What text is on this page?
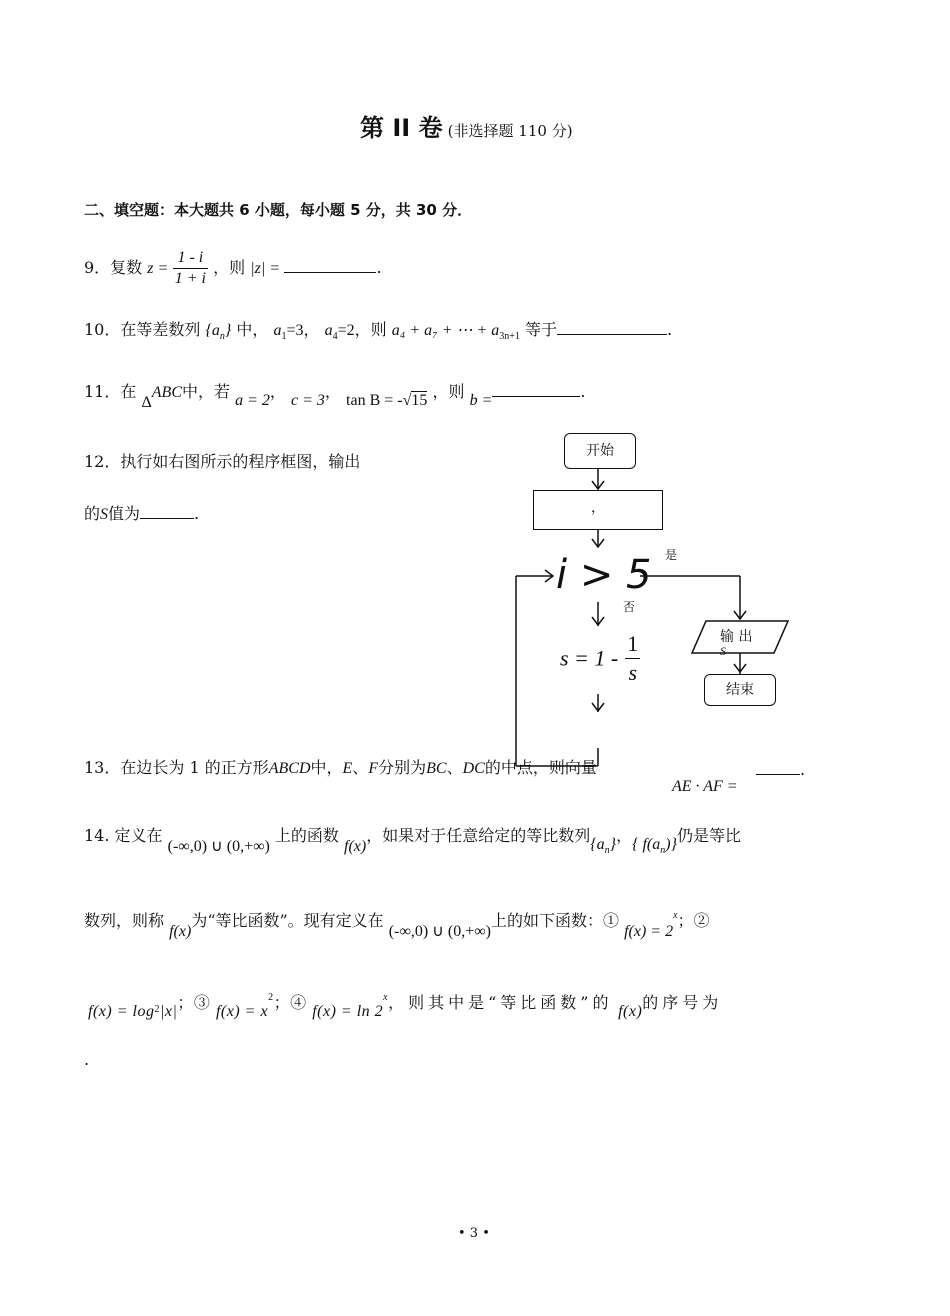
第 II 卷 (非选择题 110 分)
二、填空题：本大题共 6 小题，每小题 5 分，共 30 分．
9．复数 $z = \frac{1 - i}{1 + i}$ ，则 |z| =	.
10．在等差数列 $\{a_n\}$ 中， $a_1=3$， $a_4=2$，则 a₄ + a₇ + ⋯ + $a_{3n+1}$ 等于	.
11．在 ΔABC中，若 a = 2， c = 3， tan B = -√15 ，则 b =	.
12．执行如右图所示的程序框图，输出
的S值为	.
开始
，
i > 5 是
否
$s = 1 - \frac{1}{s}$	输 出
S
结束
13．在边长为 1 的正方形ABCD中，E、F分别为BC、DC的中点，则向量
AE · AF =
.
14. 定义在 (-∞,0) ∪ (0,+∞) 上的函数 f(x)，如果对于任意给定的等比数列$\{a_n\}$，{ $f(a_n)$}仍是等比
数列，则称 f(x)为“等比函数”。现有定义在 (-∞,0) ∪ (0,+∞)上的如下函数：① $f(x) = 2^x$；②
$f(x) = \log_2|x|$；③ $f(x) = x^2$；④ f(x) = ln 2$^x$，则其中是“等比函数”的 f(x)的序号为
.
• 3 •
